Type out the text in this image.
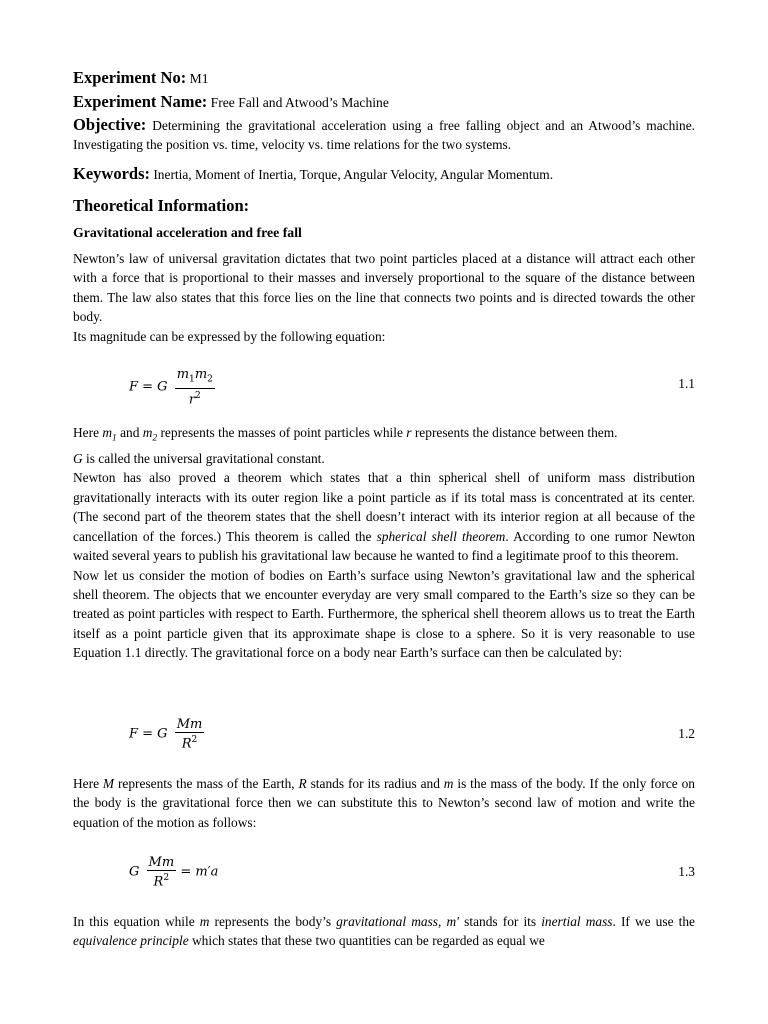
Experiment No: M1
Experiment Name: Free Fall and Atwood’s Machine
Objective: Determining the gravitational acceleration using a free falling object and an Atwood’s machine. Investigating the position vs. time, velocity vs. time relations for the two systems.
Keywords: Inertia, Moment of Inertia, Torque, Angular Velocity, Angular Momentum.
Theoretical Information:
Gravitational acceleration and free fall

Newton’s law of universal gravitation dictates that two point particles placed at a distance will attract each other with a force that is proportional to their masses and inversely proportional to the square of the distance between them. The law also states that this force lies on the line that connects two points and is directed towards the other body.

Its magnitude can be expressed by the following equation:

F = G $\frac{m_1m_2}{r^2}$	1.1

Here $m_1$ and $m_2$ represents the masses of point particles while r represents the distance between them.
G is called the universal gravitational constant.

Newton has also proved a theorem which states that a thin spherical shell of uniform mass distribution gravitationally interacts with its outer region like a point particle as if its total mass is concentrated at its center. (The second part of the theorem states that the shell doesn’t interact with its interior region at all because of the cancellation of the forces.) This theorem is called the spherical shell theorem. According to one rumor Newton waited several years to publish his gravitational law because he wanted to find a legitimate proof to this theorem.

Now let us consider the motion of bodies on Earth’s surface using Newton’s gravitational law and the spherical shell theorem. The objects that we encounter everyday are very small compared to the Earth’s size so they can be treated as point particles with respect to Earth. Furthermore, the spherical shell theorem allows us to treat the Earth itself as a point particle given that its approximate shape is close to a sphere. So it is very reasonable to use Equation 1.1 directly. The gravitational force on a body near Earth’s surface can then be calculated by:

F = G $\frac{Mm}{R^2}$	1.2

Here M represents the mass of the Earth, R stands for its radius and m is the mass of the body. If the only force on the body is the gravitational force then we can substitute this to Newton’s second law of motion and write the equation of the motion as follows:

G $\frac{Mm}{R^2} = m'a$	1.3

In this equation while m represents the body’s gravitational mass, m′ stands for its inertial mass. If we use the equivalence principle which states that these two quantities can be regarded as equal we
